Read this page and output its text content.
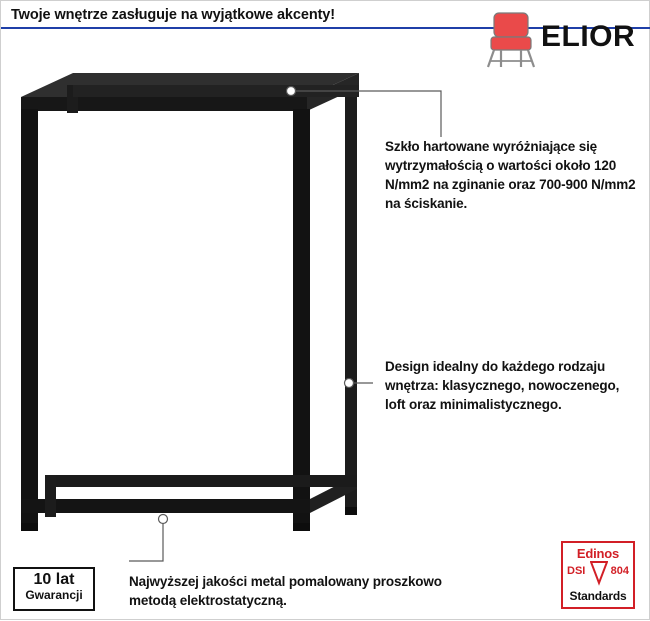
Twoje wnętrze zasługuje na wyjątkowe akcenty!
ELIOR
Szkło hartowane wyróżniające się wytrzymałością o wartości około 120 N/mm2 na zginanie oraz 700-900 N/mm2 na ściskanie.
Design idealny do każdego rodzaju wnętrza: klasycznego, nowoczenego, loft oraz minimalistycznego.
Najwyższej jakości metal pomalowany proszkowo metodą elektrostatyczną.
10 lat
Gwarancji
Edinos
DSI 804
Standards
